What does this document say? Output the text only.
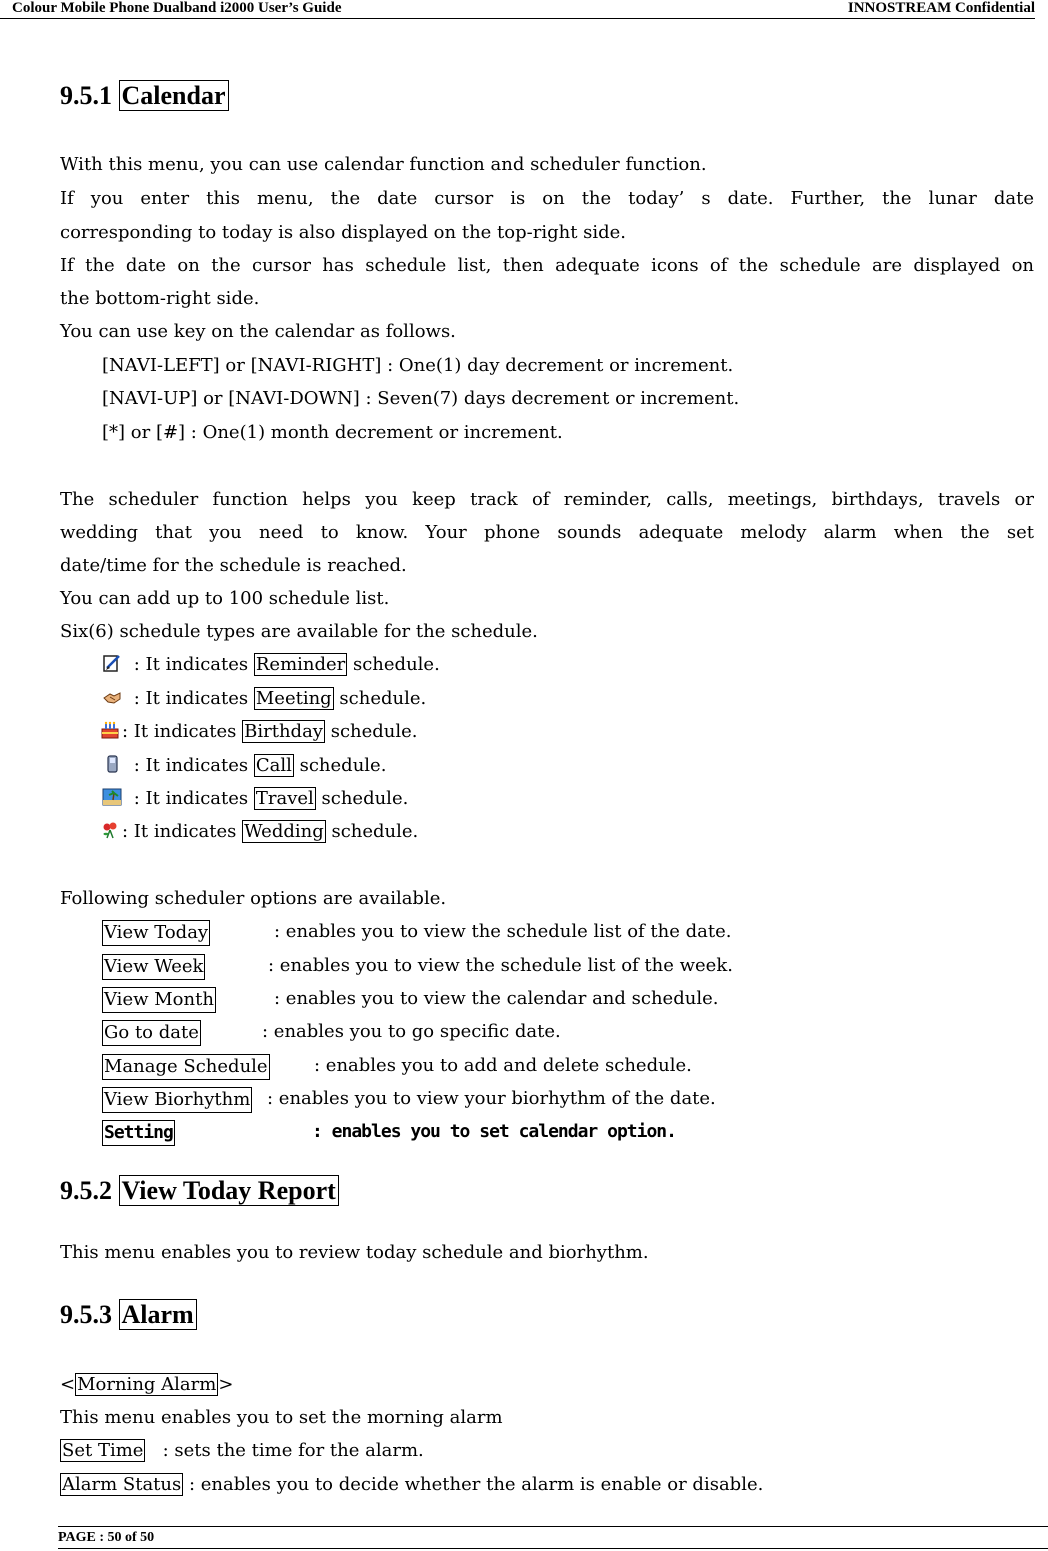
Colour Mobile Phone Dualband i2000 User’s Guide	INNOSTREAM Confidential
9.5.1 Calendar
With this menu, you can use calendar function and scheduler function.
If you enter this menu, the date cursor is on the today’ s date. Further, the lunar date
corresponding to today is also displayed on the top-right side.
If the date on the cursor has schedule list, then adequate icons of the schedule are displayed on
the bottom-right side.
You can use key on the calendar as follows.
[NAVI-LEFT] or [NAVI-RIGHT] : One(1) day decrement or increment.
[NAVI-UP] or [NAVI-DOWN] : Seven(7) days decrement or increment.
[*] or [#] : One(1) month decrement or increment.
The scheduler function helps you keep track of reminder, calls, meetings, birthdays, travels or
wedding that you need to know. Your phone sounds adequate melody alarm when the set
date/time for the schedule is reached.
You can add up to 100 schedule list.
Six(6) schedule types are available for the schedule.
: It indicates Reminder schedule.
: It indicates Meeting schedule.
: It indicates Birthday schedule.
: It indicates Call schedule.
: It indicates Travel schedule.
: It indicates Wedding schedule.
Following scheduler options are available.
View Today	: enables you to view the schedule list of the date.
View Week	: enables you to view the schedule list of the week.
View Month	: enables you to view the calendar and schedule.
Go to date	: enables you to go specific date.
Manage Schedule	: enables you to add and delete schedule.
View Biorhythm : enables you to view your biorhythm of the date.
Setting	: enables you to set calendar option.
9.5.2 View Today Report
This menu enables you to review today schedule and biorhythm.
9.5.3 Alarm
< Morning Alarm >
This menu enables you to set the morning alarm
Set Time   : sets the time for the alarm.
Alarm Status : enables you to decide whether the alarm is enable or disable.
PAGE : 50 of 50
